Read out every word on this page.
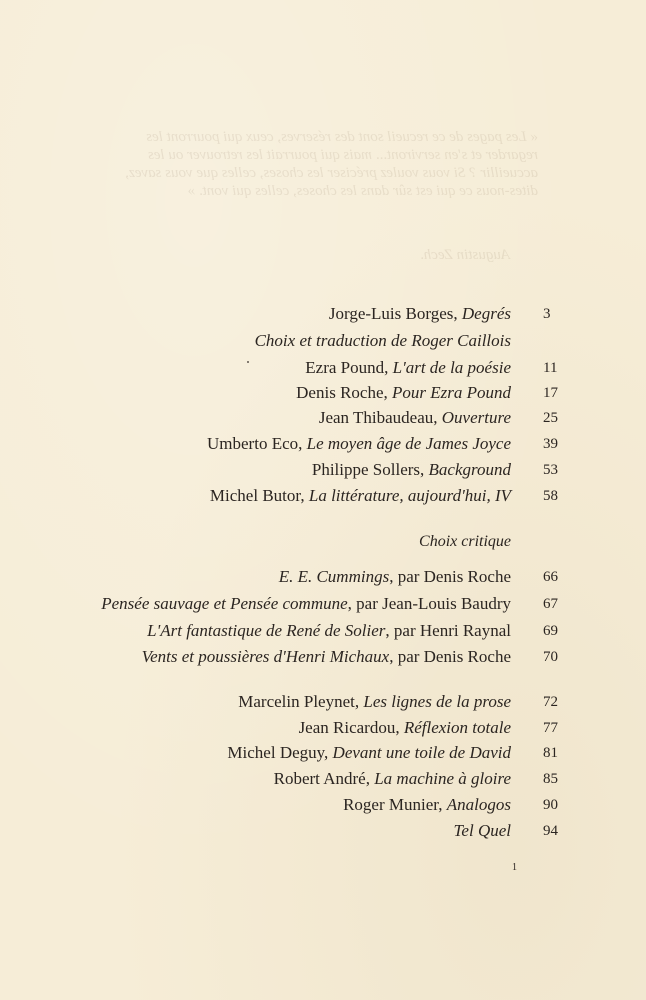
« Les pages de ce recueil sont des réserves, ceux qui pourront les regarder et s'en serviront... mais qui pourrait les retrouver ou les accueillir ? Si vous voulez préciser les choses, celles que vous savez, dites-nous ce qui est sûr dans les choses, celles qui vont. »
Augustin Zech.
Jorge-Luis Borges, Degrés 3
Choix et traduction de Roger Caillois
Ezra Pound, L'art de la poésie 11
Denis Roche, Pour Ezra Pound 17
Jean Thibaudeau, Ouverture 25
Umberto Eco, Le moyen âge de James Joyce 39
Philippe Sollers, Background 53
Michel Butor, La littérature, aujourd'hui, IV 58
Choix critique
E. E. Cummings, par Denis Roche 66
Pensée sauvage et Pensée commune, par Jean-Louis Baudry 67
L'Art fantastique de René de Solier, par Henri Raynal 69
Vents et poussières d'Henri Michaux, par Denis Roche 70
Marcelin Pleynet, Les lignes de la prose 72
Jean Ricardou, Réflexion totale 77
Michel Deguy, Devant une toile de David 81
Robert André, La machine à gloire 85
Roger Munier, Analogos 90
Tel Quel 94
1
